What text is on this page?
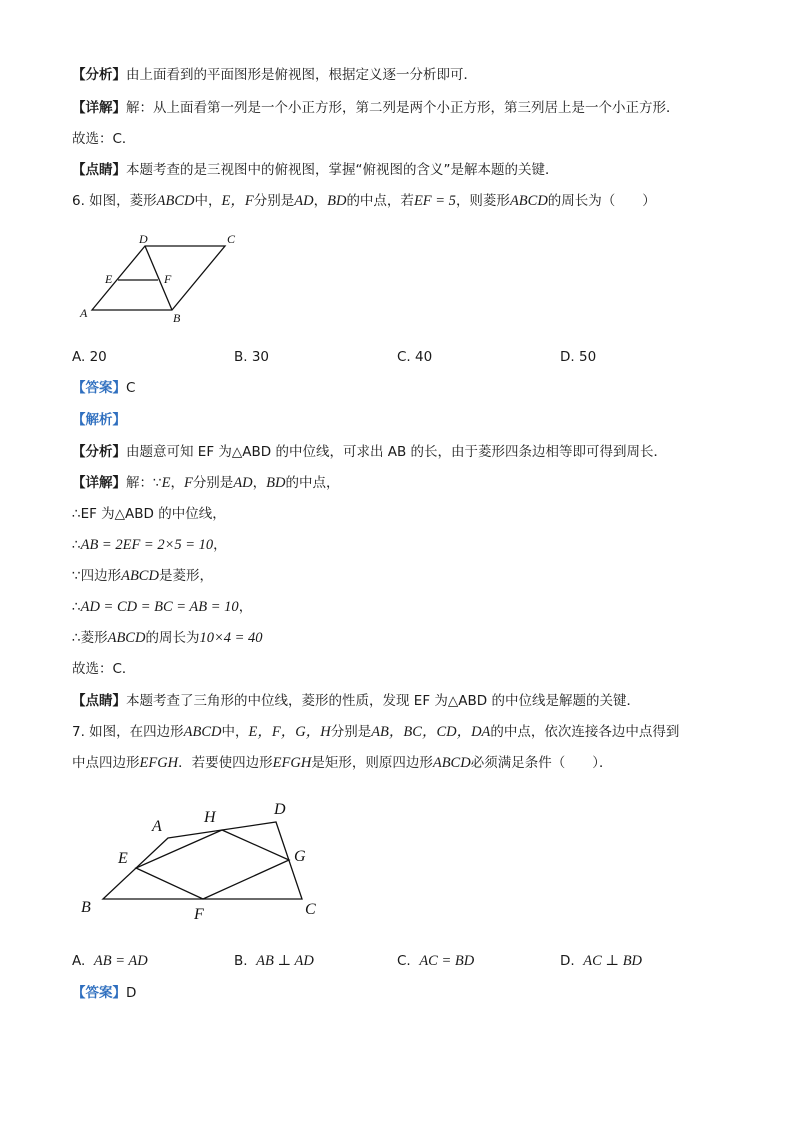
【分析】由上面看到的平面图形是俯视图，根据定义逐一分析即可．
【详解】解：从上面看第一列是一个小正方形，第二列是两个小正方形，第三列居上是一个小正方形．
故选：C．
【点睛】本题考查的是三视图中的俯视图，掌握“俯视图的含义”是解本题的关键．
6. 如图，菱形ABCD中，E，F分别是AD，BD的中点，若EF = 5，则菱形ABCD的周长为（　　）
D	C
E	F
A	B
A. 20	B. 30	C. 40	D. 50
【答案】C
【解析】
【分析】由题意可知 EF 为△ABD 的中位线，可求出 AB 的长，由于菱形四条边相等即可得到周长．
【详解】解：∵E，F分别是AD，BD的中点，
∴EF 为△ABD 的中位线，
∴AB = 2EF = 2×5 = 10，
∵四边形ABCD是菱形，
∴AD = CD = BC = AB = 10，
∴菱形ABCD的周长为10×4 = 40
故选：C．
【点睛】本题考查了三角形的中位线，菱形的性质，发现 EF 为△ABD 的中位线是解题的关键．
7. 如图，在四边形ABCD中，E，F，G，H分别是AB，BC，CD，DA的中点，依次连接各边中点得到
中点四边形EFGH．若要使四边形EFGH是矩形，则原四边形ABCD必须满足条件（　　）．
A
H	D
E	G
B	F	C
A. AB = AD	B. AB ⊥ AD	C. AC = BD	D. AC ⊥ BD
【答案】D
